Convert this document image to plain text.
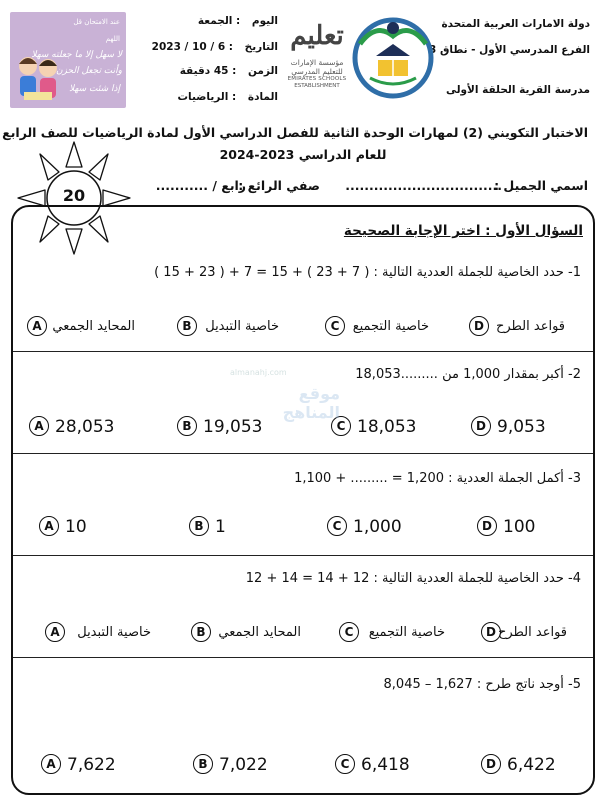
دولة الامارات العربية المتحدة
الفرع المدرسي الأول - نطاق 3
مدرسة القرية الحلقة الأولى
تعليم
مؤسسة الإمارات للتعليم المدرسي
EMIRATES SCHOOLS
ESTABLISHMENT
اليوم : الجمعة
التاريخ : 6 / 10 / 2023
الزمن : 45 دقيقة
المادة : الرياضيات
عند الامتحان قل
اللهم
لا سهل إلا ما جعلته سهلا
وأنت تجعل الحزن
إذا شئت سهلا
الاختبار التكويني (2) لمهارات الوحدة الثانية للفصل الدراسي الأول لمادة الرياضيات للصف الرابع
للعام الدراسي 2023-2024
20
اسمي الجميل :
.................................
صفي الرائع :
رابع / ...........
السؤال الأول : اختر الإجابة الصحيحة
1- حدد الخاصية للجملة العددية التالية : ( 15 + 23 ) + 7 = 15 + ( 23 + 7 )
A المحايد الجمعي	B	خاصية التبديل	C	خاصية التجميع	D قواعد الطرح
2- أكبر بمقدار 1,000 من 18,053.........
A 28,053	B 19,053	C 18,053	D 9,053
3- أكمل الجملة العددية : 1,100 + ......... = 1,200
A 10	B 1	C 1,000	D 100
4- حدد الخاصية للجملة العددية التالية : 12 + 14 = 14 + 12
A	خاصية التبديل	B المحايد الجمعي	C	خاصية التجميع	D قواعد الطرح
5- أوجد ناتج طرح : 8,045 – 1,627
A 7,622	B 7,022	C 6,418	D 6,422
almanahj.com
موقع المناهج
